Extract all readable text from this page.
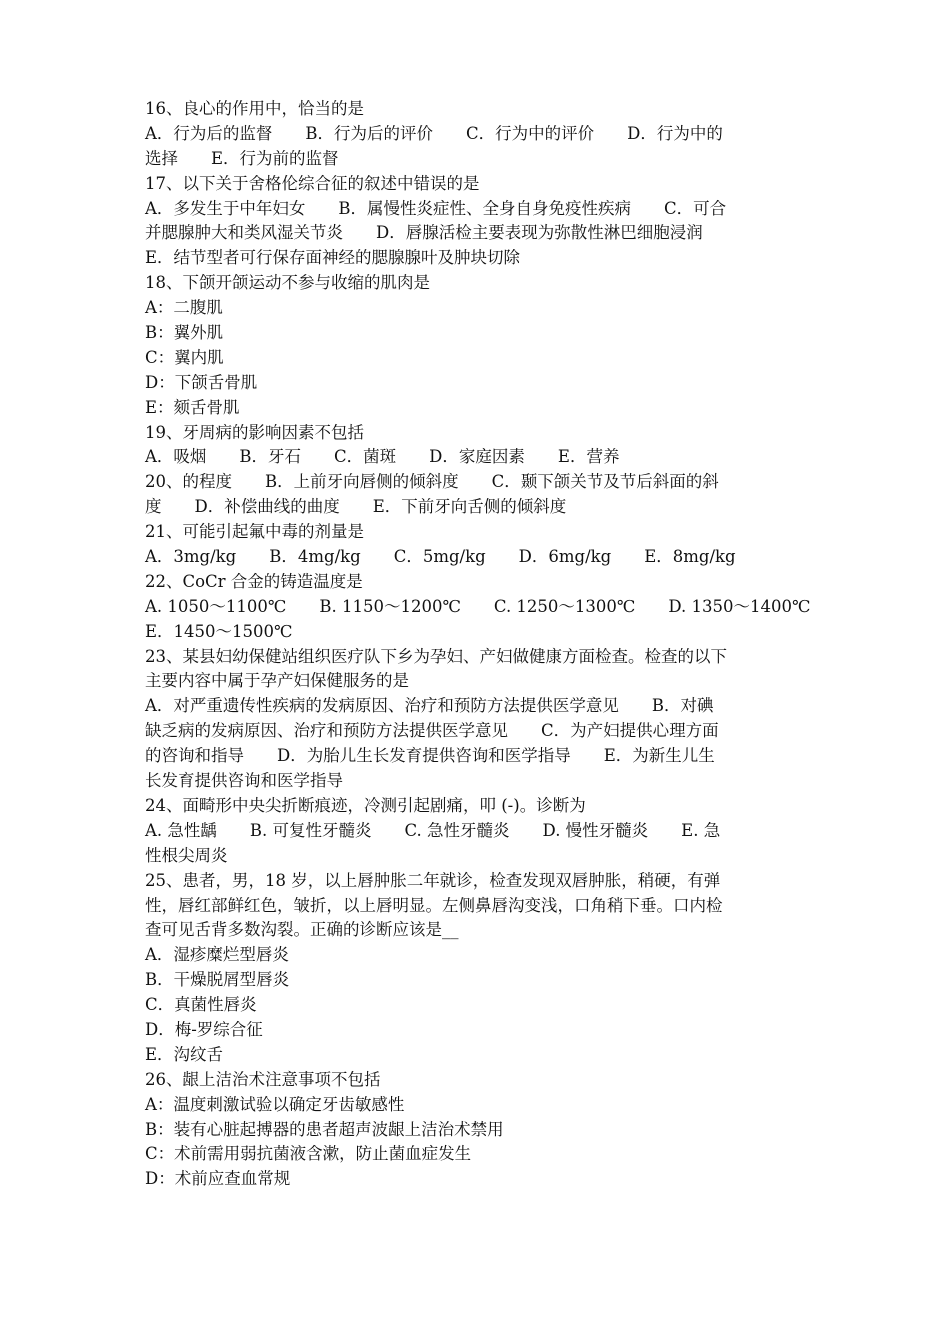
16、良心的作用中，恰当的是
A．行为后的监督　　B．行为后的评价　　C．行为中的评价　　D．行为中的
选择　　E．行为前的监督
17、以下关于舍格伦综合征的叙述中错误的是
A．多发生于中年妇女　　B．属慢性炎症性、全身自身免疫性疾病　　C．可合
并腮腺肿大和类风湿关节炎　　D．唇腺活检主要表现为弥散性淋巴细胞浸润
E．结节型者可行保存面神经的腮腺腺叶及肿块切除
18、下颌开颌运动不参与收缩的肌肉是
A：二腹肌
B：翼外肌
C：翼内肌
D：下颌舌骨肌
E：颏舌骨肌
19、牙周病的影响因素不包括
A．吸烟　　B．牙石　　C．菌斑　　D．家庭因素　　E．营养
20、的程度　　B．上前牙向唇侧的倾斜度　　C．颞下颌关节及节后斜面的斜
度　　D．补偿曲线的曲度　　E．下前牙向舌侧的倾斜度
21、可能引起氟中毒的剂量是
A．3mg/kg　　B．4mg/kg　　C．5mg/kg　　D．6mg/kg　　E．8mg/kg
22、CoCr 合金的铸造温度是
A. 1050～1100℃　　B. 1150～1200℃　　C. 1250～1300℃　　D. 1350～1400℃
E．1450～1500℃
23、某县妇幼保健站组织医疗队下乡为孕妇、产妇做健康方面检查。检查的以下
主要内容中属于孕产妇保健服务的是
A．对严重遗传性疾病的发病原因、治疗和预防方法提供医学意见　　B．对碘
缺乏病的发病原因、治疗和预防方法提供医学意见　　C．为产妇提供心理方面
的咨询和指导　　D．为胎儿生长发育提供咨询和医学指导　　E．为新生儿生
长发育提供咨询和医学指导
24、面畸形中央尖折断痕迹，冷测引起剧痛，叩 (-)。诊断为
A. 急性龋　　B. 可复性牙髓炎　　C. 急性牙髓炎　　D. 慢性牙髓炎　　E. 急
性根尖周炎
25、患者，男，18 岁，以上唇肿胀二年就诊，检查发现双唇肿胀，稍硬，有弹
性，唇红部鲜红色，皱折，以上唇明显。左侧鼻唇沟变浅，口角稍下垂。口内检
查可见舌背多数沟裂。正确的诊断应该是__
A．湿疹糜烂型唇炎
B．干燥脱屑型唇炎
C．真菌性唇炎
D．梅-罗综合征
E．沟纹舌
26、龈上洁治术注意事项不包括
A：温度刺激试验以确定牙齿敏感性
B：装有心脏起搏器的患者超声波龈上洁治术禁用
C：术前需用弱抗菌液含漱，防止菌血症发生
D：术前应查血常规
